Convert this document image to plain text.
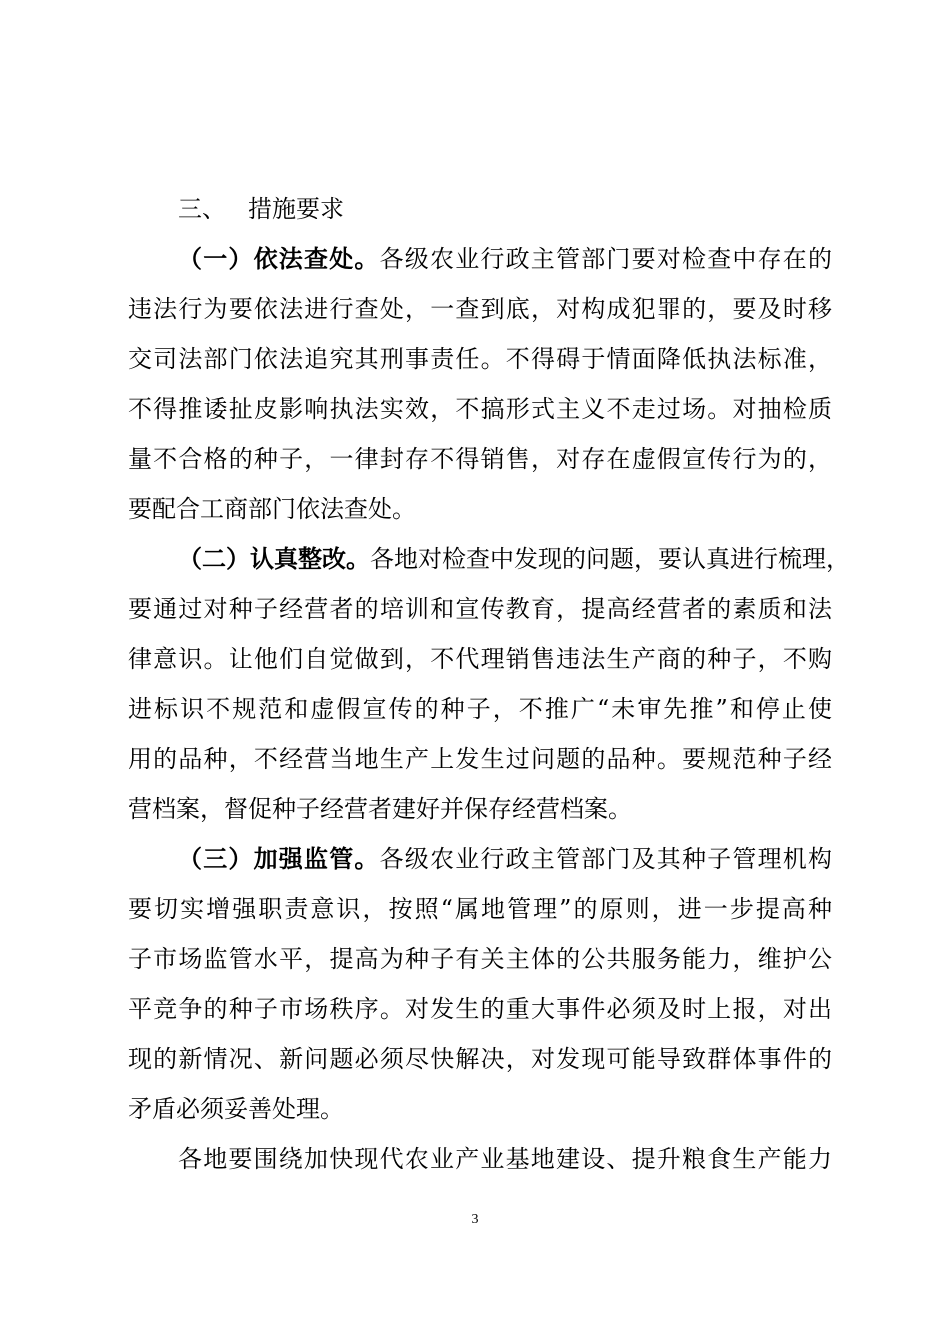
三、 措施要求
（一）依法查处。各级农业行政主管部门要对检查中存在的
违法行为要依法进行查处，一查到底，对构成犯罪的，要及时移
交司法部门依法追究其刑事责任。不得碍于情面降低执法标准，
不得推诿扯皮影响执法实效，不搞形式主义不走过场。对抽检质
量不合格的种子，一律封存不得销售，对存在虚假宣传行为的，
要配合工商部门依法查处。
（二）认真整改。各地对检查中发现的问题，要认真进行梳理，
要通过对种子经营者的培训和宣传教育，提高经营者的素质和法
律意识。让他们自觉做到，不代理销售违法生产商的种子，不购
进标识不规范和虚假宣传的种子，不推广“未审先推”和停止使
用的品种，不经营当地生产上发生过问题的品种。要规范种子经
营档案，督促种子经营者建好并保存经营档案。
（三）加强监管。各级农业行政主管部门及其种子管理机构
要切实增强职责意识，按照“属地管理”的原则，进一步提高种
子市场监管水平，提高为种子有关主体的公共服务能力，维护公
平竞争的种子市场秩序。对发生的重大事件必须及时上报，对出
现的新情况、新问题必须尽快解决，对发现可能导致群体事件的
矛盾必须妥善处理。
各地要围绕加快现代农业产业基地建设、提升粮食生产能力
3
